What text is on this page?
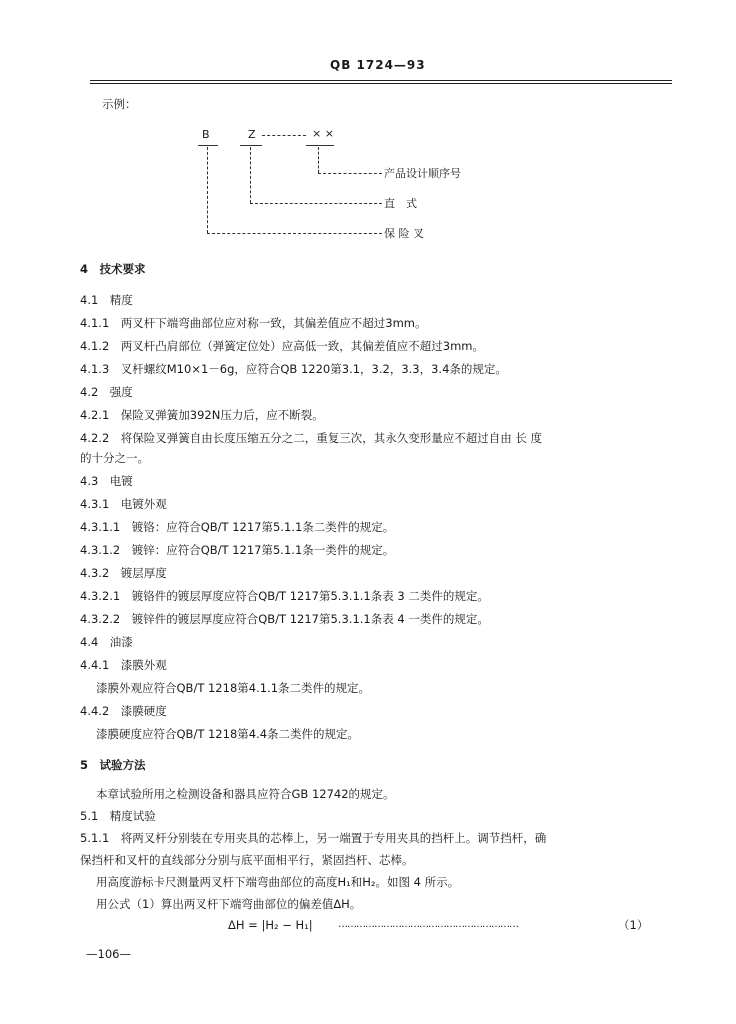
QB 1724—93
示例：
B	Z	× ×
产品设计顺序号
直　式
保 险 叉
4　技术要求
4.1　精度
4.1.1　两叉杆下端弯曲部位应对称一致，其偏差值应不超过3mm。
4.1.2　两叉杆凸肩部位（弹簧定位处）应高低一致，其偏差值应不超过3mm。
4.1.3　叉杆螺纹M10×1－6g，应符合QB 1220第3.1，3.2，3.3，3.4条的规定。
4.2　强度
4.2.1　保险叉弹簧加392N压力后，应不断裂。
4.2.2　将保险叉弹簧自由长度压缩五分之二，重复三次，其永久变形量应不超过自由 长 度
的十分之一。
4.3　电镀
4.3.1　电镀外观
4.3.1.1　镀铬：应符合QB/T 1217第5.1.1条二类件的规定。
4.3.1.2　镀锌：应符合QB/T 1217第5.1.1条一类件的规定。
4.3.2　镀层厚度
4.3.2.1　镀铬件的镀层厚度应符合QB/T 1217第5.3.1.1条表 3 二类件的规定。
4.3.2.2　镀锌件的镀层厚度应符合QB/T 1217第5.3.1.1条表 4 一类件的规定。
4.4　油漆
4.4.1　漆膜外观
漆膜外观应符合QB/T 1218第4.1.1条二类件的规定。
4.4.2　漆膜硬度
漆膜硬度应符合QB/T 1218第4.4条二类件的规定。
5　试验方法
本章试验所用之检测设备和器具应符合GB 12742的规定。
5.1　精度试验
5.1.1　将两叉杆分别装在专用夹具的芯棒上，另一端置于专用夹具的挡杆上。调节挡杆，确
保挡杆和叉杆的直线部分分别与底平面相平行，紧固挡杆、芯棒。
用高度游标卡尺测量两叉杆下端弯曲部位的高度H₁和H₂。如图 4 所示。
用公式（1）算出两叉杆下端弯曲部位的偏差值ΔH。
ΔH = |H₂ − H₁|	……………………………………………………	（1）
—106—
